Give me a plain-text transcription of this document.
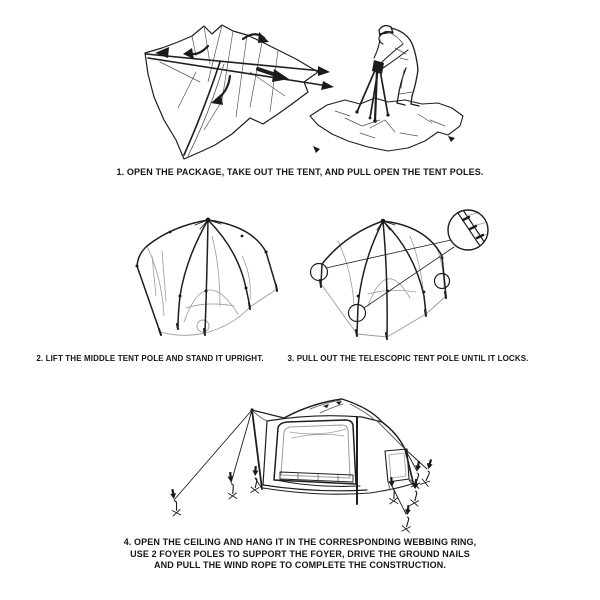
1. OPEN THE PACKAGE, TAKE OUT THE TENT, AND PULL OPEN THE TENT POLES.
2. LIFT THE MIDDLE TENT POLE AND STAND IT UPRIGHT.	3. PULL OUT THE TELESCOPIC TENT POLE UNTIL IT LOCKS.
4. OPEN THE CEILING AND HANG IT IN THE CORRESPONDING WEBBING RING,
USE 2 FOYER POLES TO SUPPORT THE FOYER, DRIVE THE GROUND NAILS
AND PULL THE WIND ROPE TO COMPLETE THE CONSTRUCTION.
